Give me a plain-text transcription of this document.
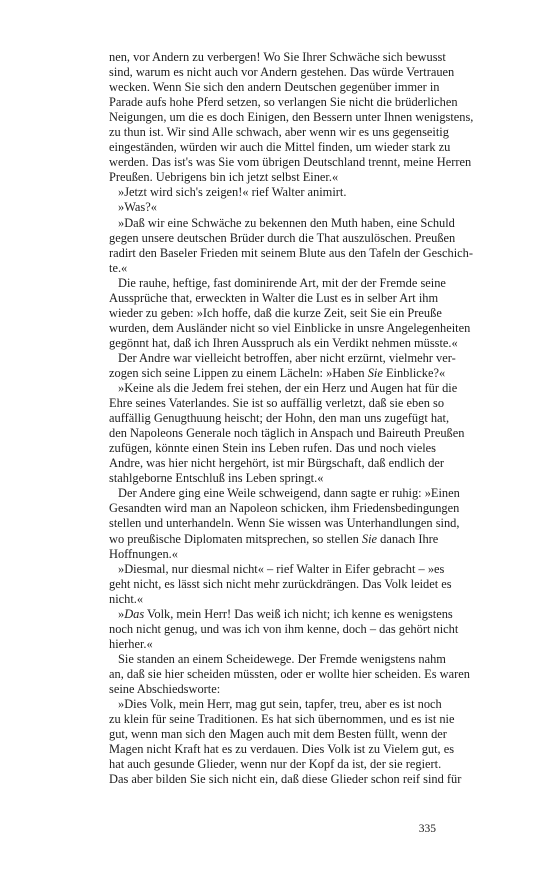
nen, vor Andern zu verbergen! Wo Sie Ihrer Schwäche sich bewusst
sind, warum es nicht auch vor Andern gestehen. Das würde Vertrauen
wecken. Wenn Sie sich den andern Deutschen gegenüber immer in
Parade aufs hohe Pferd setzen, so verlangen Sie nicht die brüderlichen
Neigungen, um die es doch Einigen, den Bessern unter Ihnen wenigstens,
zu thun ist. Wir sind Alle schwach, aber wenn wir es uns gegenseitig
eingeständen, würden wir auch die Mittel finden, um wieder stark zu
werden. Das ist's was Sie vom übrigen Deutschland trennt, meine Herren
Preußen. Uebrigens bin ich jetzt selbst Einer.«
»Jetzt wird sich's zeigen!« rief Walter animirt.
»Was?«
»Daß wir eine Schwäche zu bekennen den Muth haben, eine Schuld
gegen unsere deutschen Brüder durch die That auszulöschen. Preußen
radirt den Baseler Frieden mit seinem Blute aus den Tafeln der Geschich-
te.«
Die rauhe, heftige, fast dominirende Art, mit der der Fremde seine
Aussprüche that, erweckten in Walter die Lust es in selber Art ihm
wieder zu geben: »Ich hoffe, daß die kurze Zeit, seit Sie ein Preuße
wurden, dem Ausländer nicht so viel Einblicke in unsre Angelegenheiten
gegönnt hat, daß ich Ihren Ausspruch als ein Verdikt nehmen müsste.«
Der Andre war vielleicht betroffen, aber nicht erzürnt, vielmehr ver-
zogen sich seine Lippen zu einem Lächeln: »Haben Sie Einblicke?«
»Keine als die Jedem frei stehen, der ein Herz und Augen hat für die
Ehre seines Vaterlandes. Sie ist so auffällig verletzt, daß sie eben so
auffällig Genugthuung heischt; der Hohn, den man uns zugefügt hat,
den Napoleons Generale noch täglich in Anspach und Baireuth Preußen
zufügen, könnte einen Stein ins Leben rufen. Das und noch vieles
Andre, was hier nicht hergehört, ist mir Bürgschaft, daß endlich der
stahlgeborne Entschluß ins Leben springt.«
Der Andere ging eine Weile schweigend, dann sagte er ruhig: »Einen
Gesandten wird man an Napoleon schicken, ihm Friedensbedingungen
stellen und unterhandeln. Wenn Sie wissen was Unterhandlungen sind,
wo preußische Diplomaten mitsprechen, so stellen Sie danach Ihre
Hoffnungen.«
»Diesmal, nur diesmal nicht« – rief Walter in Eifer gebracht – »es
geht nicht, es lässt sich nicht mehr zurückdrängen. Das Volk leidet es
nicht.«
»Das Volk, mein Herr! Das weiß ich nicht; ich kenne es wenigstens
noch nicht genug, und was ich von ihm kenne, doch – das gehört nicht
hierher.«
Sie standen an einem Scheidewege. Der Fremde wenigstens nahm
an, daß sie hier scheiden müssten, oder er wollte hier scheiden. Es waren
seine Abschiedsworte:
»Dies Volk, mein Herr, mag gut sein, tapfer, treu, aber es ist noch
zu klein für seine Traditionen. Es hat sich übernommen, und es ist nie
gut, wenn man sich den Magen auch mit dem Besten füllt, wenn der
Magen nicht Kraft hat es zu verdauen. Dies Volk ist zu Vielem gut, es
hat auch gesunde Glieder, wenn nur der Kopf da ist, der sie regiert.
Das aber bilden Sie sich nicht ein, daß diese Glieder schon reif sind für
335
